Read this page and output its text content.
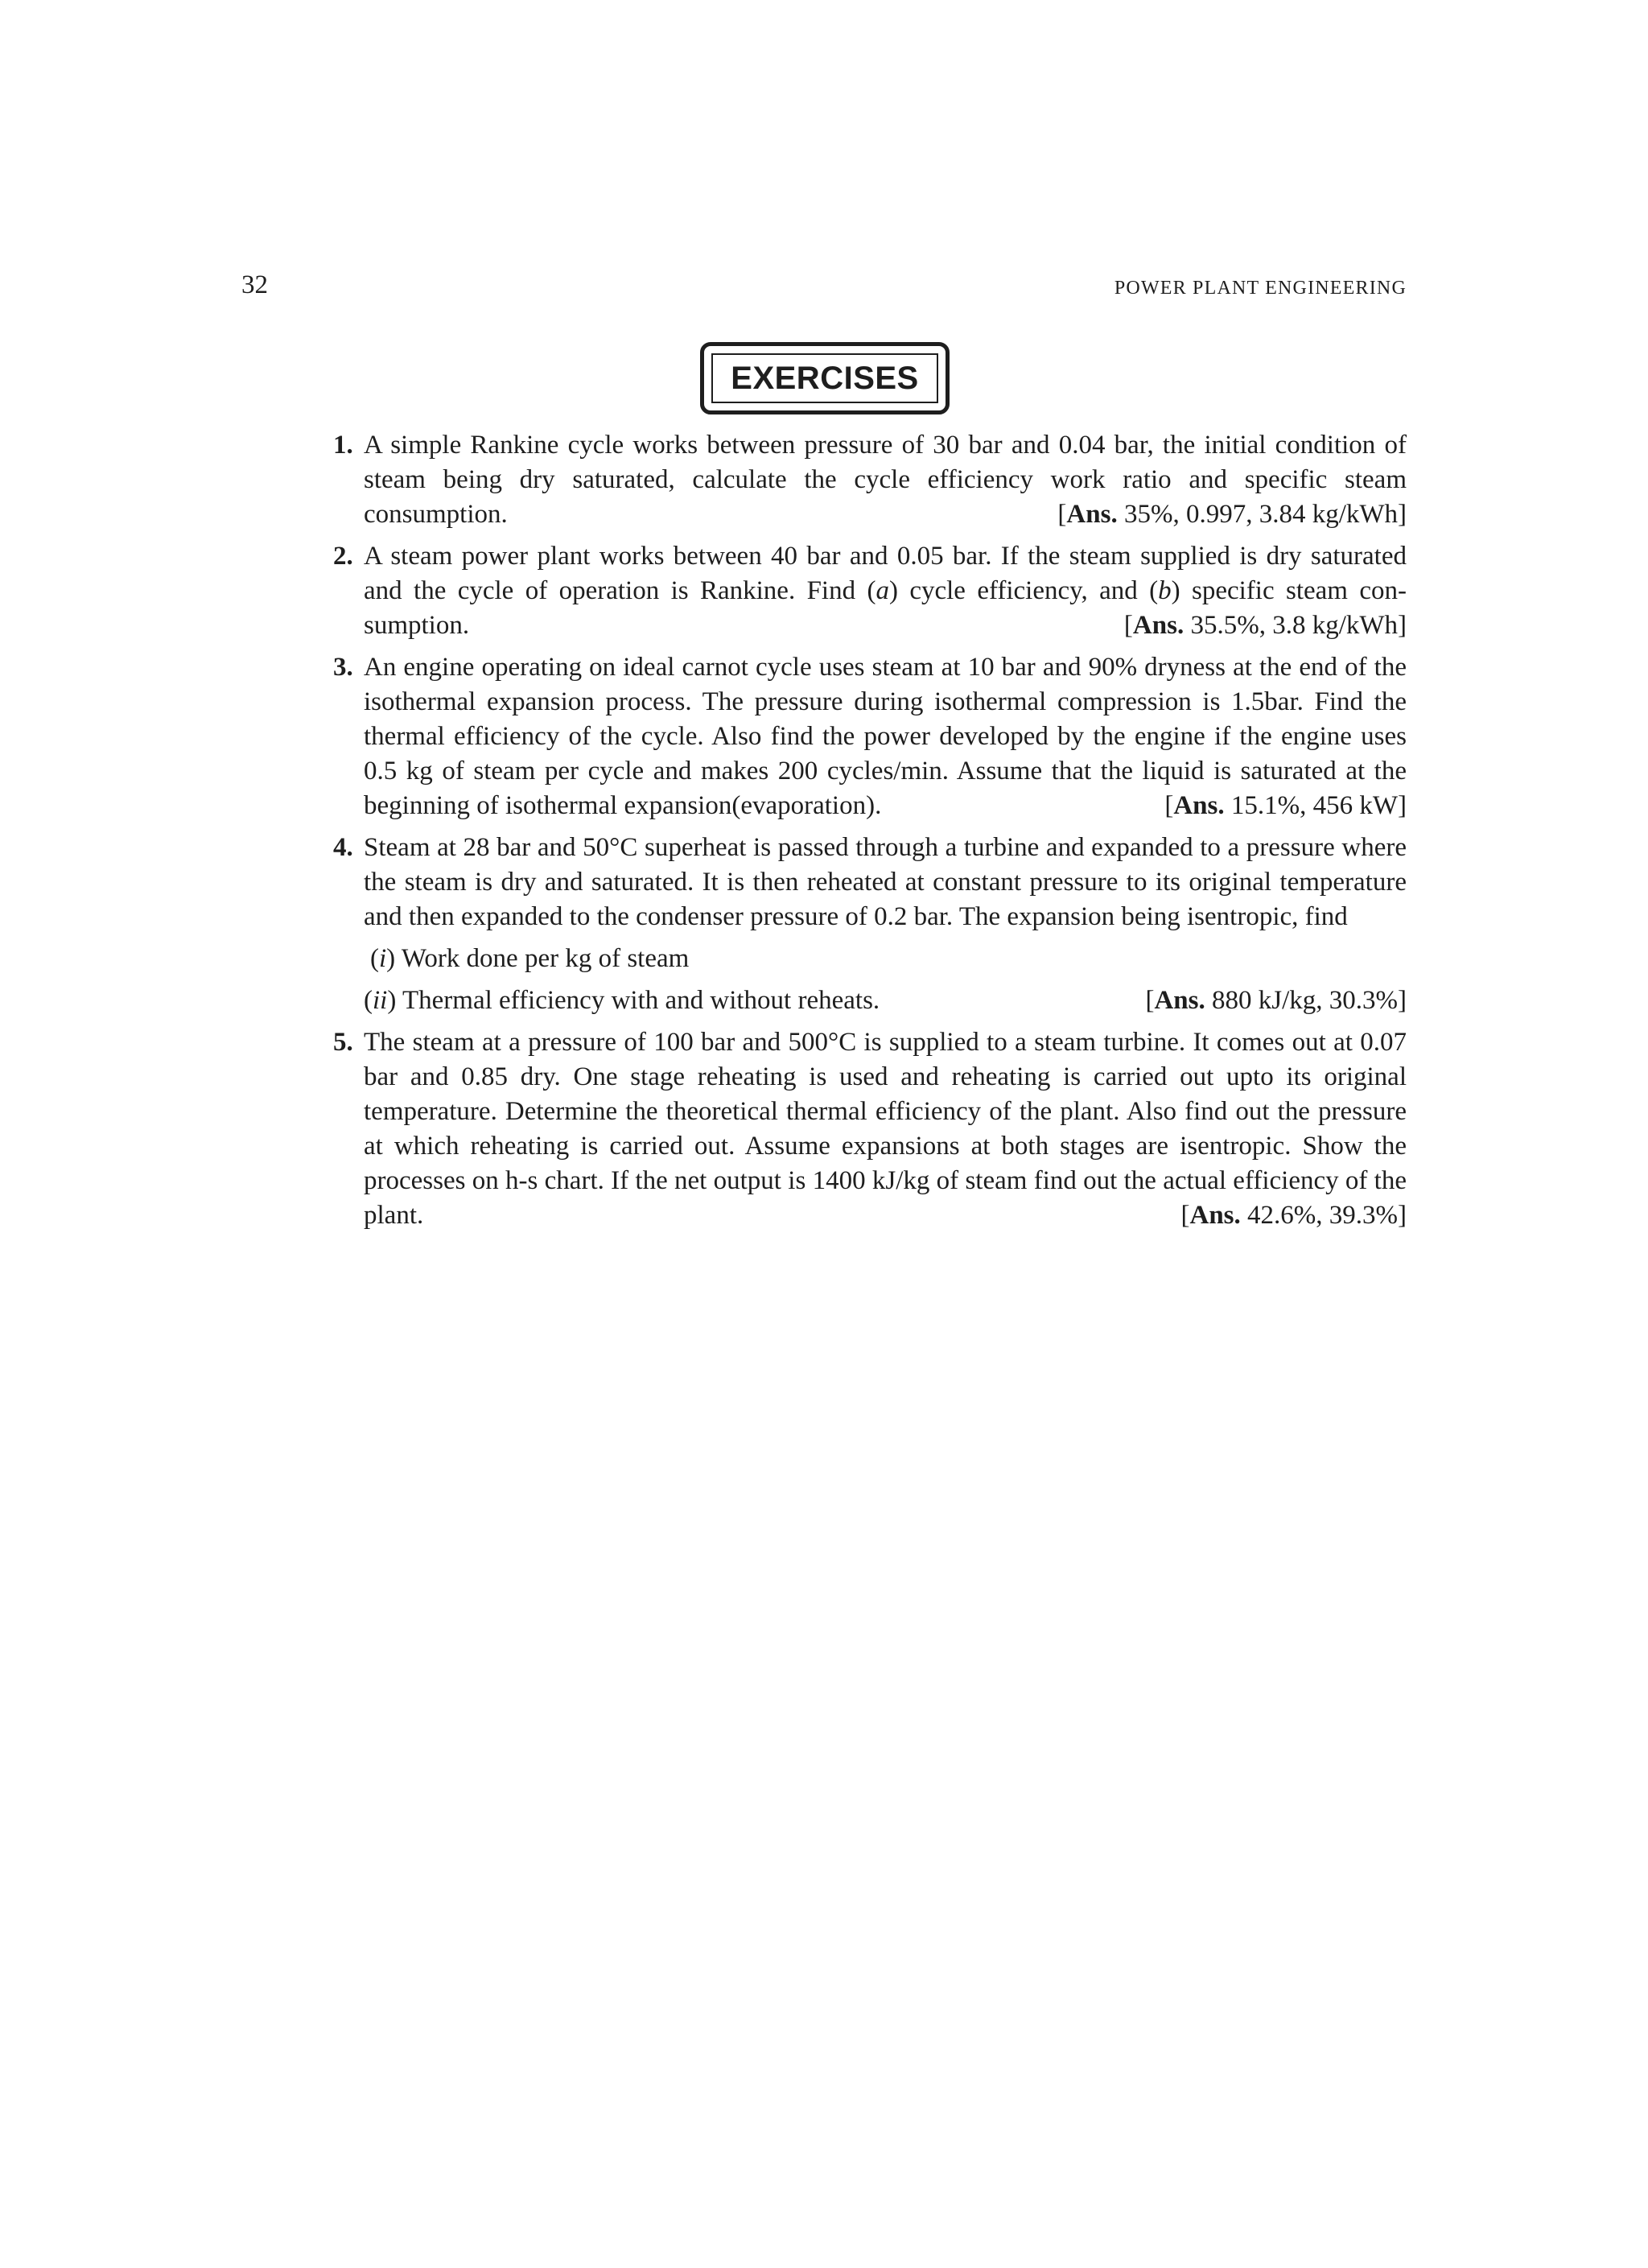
32	POWER PLANT ENGINEERING
EXERCISES
1. A simple Rankine cycle works between pressure of 30 bar and 0.04 bar, the initial condition of steam being dry saturated, calculate the cycle efficiency work ratio and specific steam consumption.	[Ans. 35%, 0.997, 3.84 kg/kWh]
2. A steam power plant works between 40 bar and 0.05 bar. If the steam supplied is dry saturated and the cycle of operation is Rankine. Find (a) cycle efficiency, and (b) specific steam consumption.	[Ans. 35.5%, 3.8 kg/kWh]
3. An engine operating on ideal carnot cycle uses steam at 10 bar and 90% dryness at the end of the isothermal expansion process. The pressure during isothermal compression is 1.5bar. Find the thermal efficiency of the cycle. Also find the power developed by the engine if the engine uses 0.5 kg of steam per cycle and makes 200 cycles/min. Assume that the liquid is saturated at the beginning of isothermal expansion(evaporation).	[Ans. 15.1%, 456 kW]
4. Steam at 28 bar and 50°C superheat is passed through a turbine and expanded to a pressure where the steam is dry and saturated. It is then reheated at constant pressure to its original temperature and then expanded to the condenser pressure of 0.2 bar. The expansion being isentropic, find
(i) Work done per kg of steam
(ii) Thermal efficiency with and without reheats.	[Ans. 880 kJ/kg, 30.3%]
5. The steam at a pressure of 100 bar and 500°C is supplied to a steam turbine. It comes out at 0.07 bar and 0.85 dry. One stage reheating is used and reheating is carried out upto its original temperature. Determine the theoretical thermal efficiency of the plant. Also find out the pressure at which reheating is carried out. Assume expansions at both stages are isentropic. Show the processes on h-s chart. If the net output is 1400 kJ/kg of steam find out the actual efficiency of the plant.	[Ans. 42.6%, 39.3%]
